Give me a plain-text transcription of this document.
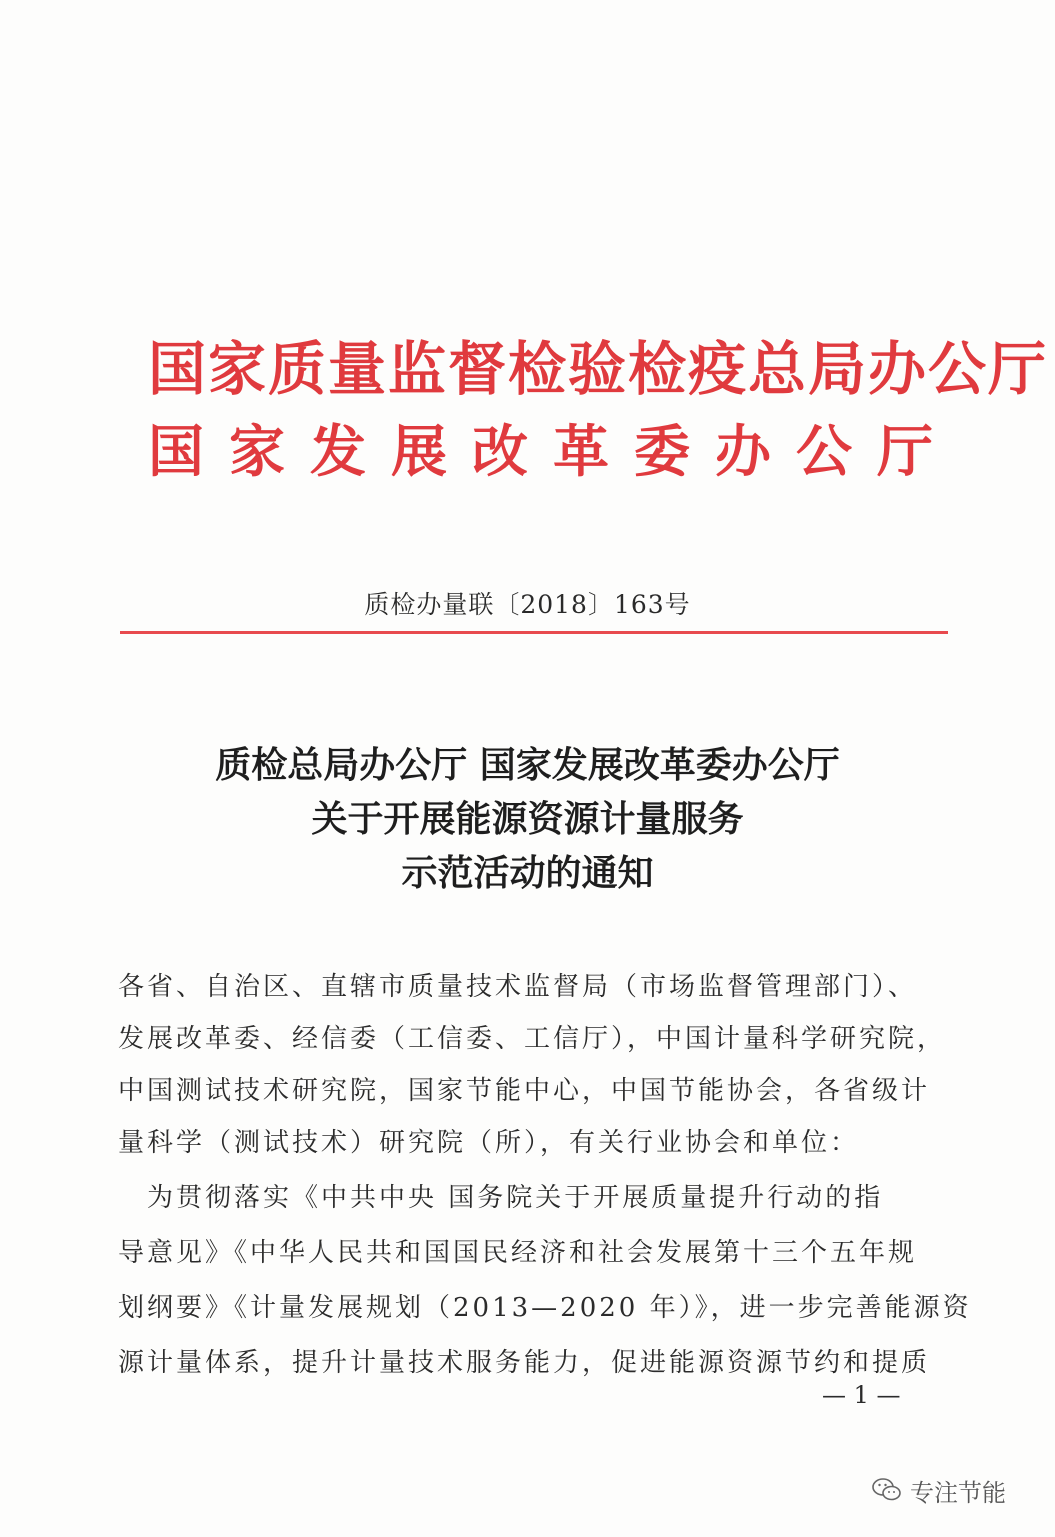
国家质量监督检验检疫总局办公厅
国家发展改革委办公厅
质检办量联〔2018〕163号
质检总局办公厅 国家发展改革委办公厅
关于开展能源资源计量服务
示范活动的通知
各省、自治区、直辖市质量技术监督局（市场监督管理部门）、
发展改革委、经信委（工信委、工信厅），中国计量科学研究院，
中国测试技术研究院，国家节能中心，中国节能协会，各省级计
量科学（测试技术）研究院（所），有关行业协会和单位：
　为贯彻落实《中共中央 国务院关于开展质量提升行动的指
导意见》《中华人民共和国国民经济和社会发展第十三个五年规
划纲要》《计量发展规划（2013—2020 年）》，进一步完善能源资
源计量体系，提升计量技术服务能力，促进能源资源节约和提质
— 1 —
专注节能
